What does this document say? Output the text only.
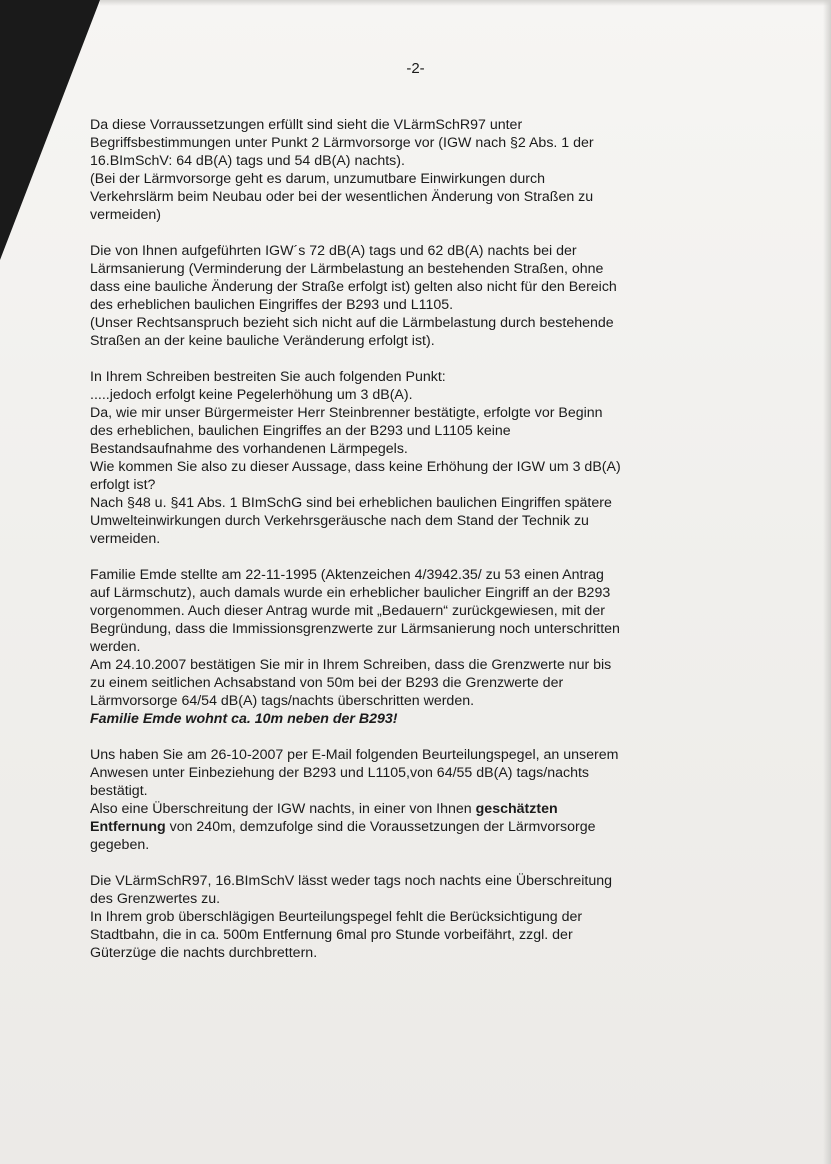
-2-

Da diese Vorraussetzungen erfüllt sind sieht die VLärmSchR97 unter
Begriffsbestimmungen unter Punkt 2 Lärmvorsorge vor (IGW nach §2 Abs. 1 der
16.BImSchV: 64 dB(A) tags und 54 dB(A) nachts).
(Bei der Lärmvorsorge geht es darum, unzumutbare Einwirkungen durch
Verkehrslärm beim Neubau oder bei der wesentlichen Änderung von Straßen zu
vermeiden)

Die von Ihnen aufgeführten IGW´s 72 dB(A) tags und 62 dB(A) nachts bei der
Lärmsanierung (Verminderung der Lärmbelastung an bestehenden Straßen, ohne
dass eine bauliche Änderung der Straße erfolgt ist) gelten also nicht für den Bereich
des erheblichen baulichen Eingriffes der B293 und L1105.
(Unser Rechtsanspruch bezieht sich nicht auf die Lärmbelastung durch bestehende
Straßen an der keine bauliche Veränderung erfolgt ist).

In Ihrem Schreiben bestreiten Sie auch folgenden Punkt:
.....jedoch erfolgt keine Pegelerhöhung um 3 dB(A).
Da, wie mir unser Bürgermeister Herr Steinbrenner bestätigte, erfolgte vor Beginn
des erheblichen, baulichen Eingriffes an der B293 und L1105 keine
Bestandsaufnahme des vorhandenen Lärmpegels.
Wie kommen Sie also zu dieser Aussage, dass keine Erhöhung der IGW um 3 dB(A)
erfolgt ist?
Nach §48 u. §41 Abs. 1 BImSchG sind bei erheblichen baulichen Eingriffen spätere
Umwelteinwirkungen durch Verkehrsgeräusche nach dem Stand der Technik zu
vermeiden.

Familie Emde stellte am 22-11-1995 (Aktenzeichen 4/3942.35/ zu 53 einen Antrag
auf Lärmschutz), auch damals wurde ein erheblicher baulicher Eingriff an der B293
vorgenommen. Auch dieser Antrag wurde mit „Bedauern“ zurückgewiesen, mit der
Begründung, dass die Immissionsgrenzwerte zur Lärmsanierung noch unterschritten
werden.
Am 24.10.2007 bestätigen Sie mir in Ihrem Schreiben, dass die Grenzwerte nur bis
zu einem seitlichen Achsabstand von 50m bei der B293 die Grenzwerte der
Lärmvorsorge 64/54 dB(A) tags/nachts überschritten werden.
Familie Emde wohnt ca. 10m neben der B293!

Uns haben Sie am 26-10-2007 per E-Mail folgenden Beurteilungspegel, an unserem
Anwesen unter Einbeziehung der B293 und L1105,von 64/55 dB(A) tags/nachts
bestätigt.
Also eine Überschreitung der IGW nachts, in einer von Ihnen geschätzten
Entfernung von 240m, demzufolge sind die Voraussetzungen der Lärmvorsorge
gegeben.

Die VLärmSchR97, 16.BImSchV lässt weder tags noch nachts eine Überschreitung
des Grenzwertes zu.
In Ihrem grob überschlägigen Beurteilungspegel fehlt die Berücksichtigung der
Stadtbahn, die in ca. 500m Entfernung 6mal pro Stunde vorbeifährt, zzgl. der
Güterzüge die nachts durchbrettern.
